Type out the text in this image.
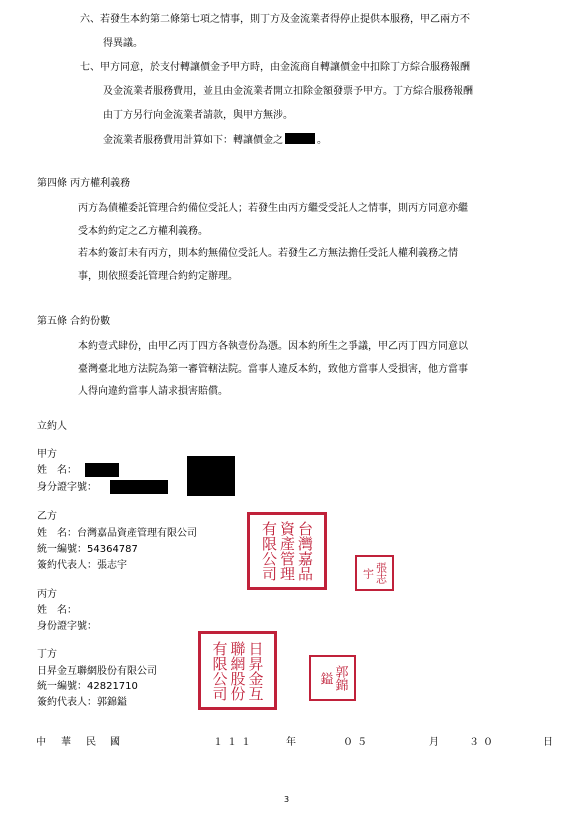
六、若發生本約第二條第七項之情事，則丁方及金流業者得停止提供本服務，甲乙兩方不
得異議。
七、甲方同意，於支付轉讓價金予甲方時，由金流商自轉讓價金中扣除丁方綜合服務報酬
及金流業者服務費用，並且由金流業者開立扣除金額發票予甲方。丁方綜合服務報酬
由丁方另行向金流業者請款，與甲方無涉。
金流業者服務費用計算如下：轉讓價金之	。
第四條 丙方權利義務
丙方為債權委託管理合約備位受託人；若發生由丙方繼受受託人之情事，則丙方同意亦繼
受本約約定之乙方權利義務。
若本約簽訂未有丙方，則本約無備位受託人。若發生乙方無法擔任受託人權利義務之情
事，則依照委託管理合約約定辦理。
第五條 合約份數
本約壹式肆份，由甲乙丙丁四方各執壹份為憑。因本約所生之爭議，甲乙丙丁四方同意以
臺灣臺北地方法院為第一審管轄法院。當事人違反本約，致他方當事人受損害，他方當事
人得向違約當事人請求損害賠償。
立約人
甲方
姓　名：
身分證字號：
乙方
姓　名：台灣嘉品資產管理有限公司
統一編號：54364787
簽約代表人：張志宇	台灣嘉品資產管理有限公司	張志宇
丙方
姓　名：
身份證字號：
丁方
日昇金互聯網股份有限公司
統一編號：42821710
簽約代表人：郭錦鎰
日昇金互聯網股份有限公司	郭錦鎰
中 華 民 國	１１１	年	０５	月	３０	日
3
